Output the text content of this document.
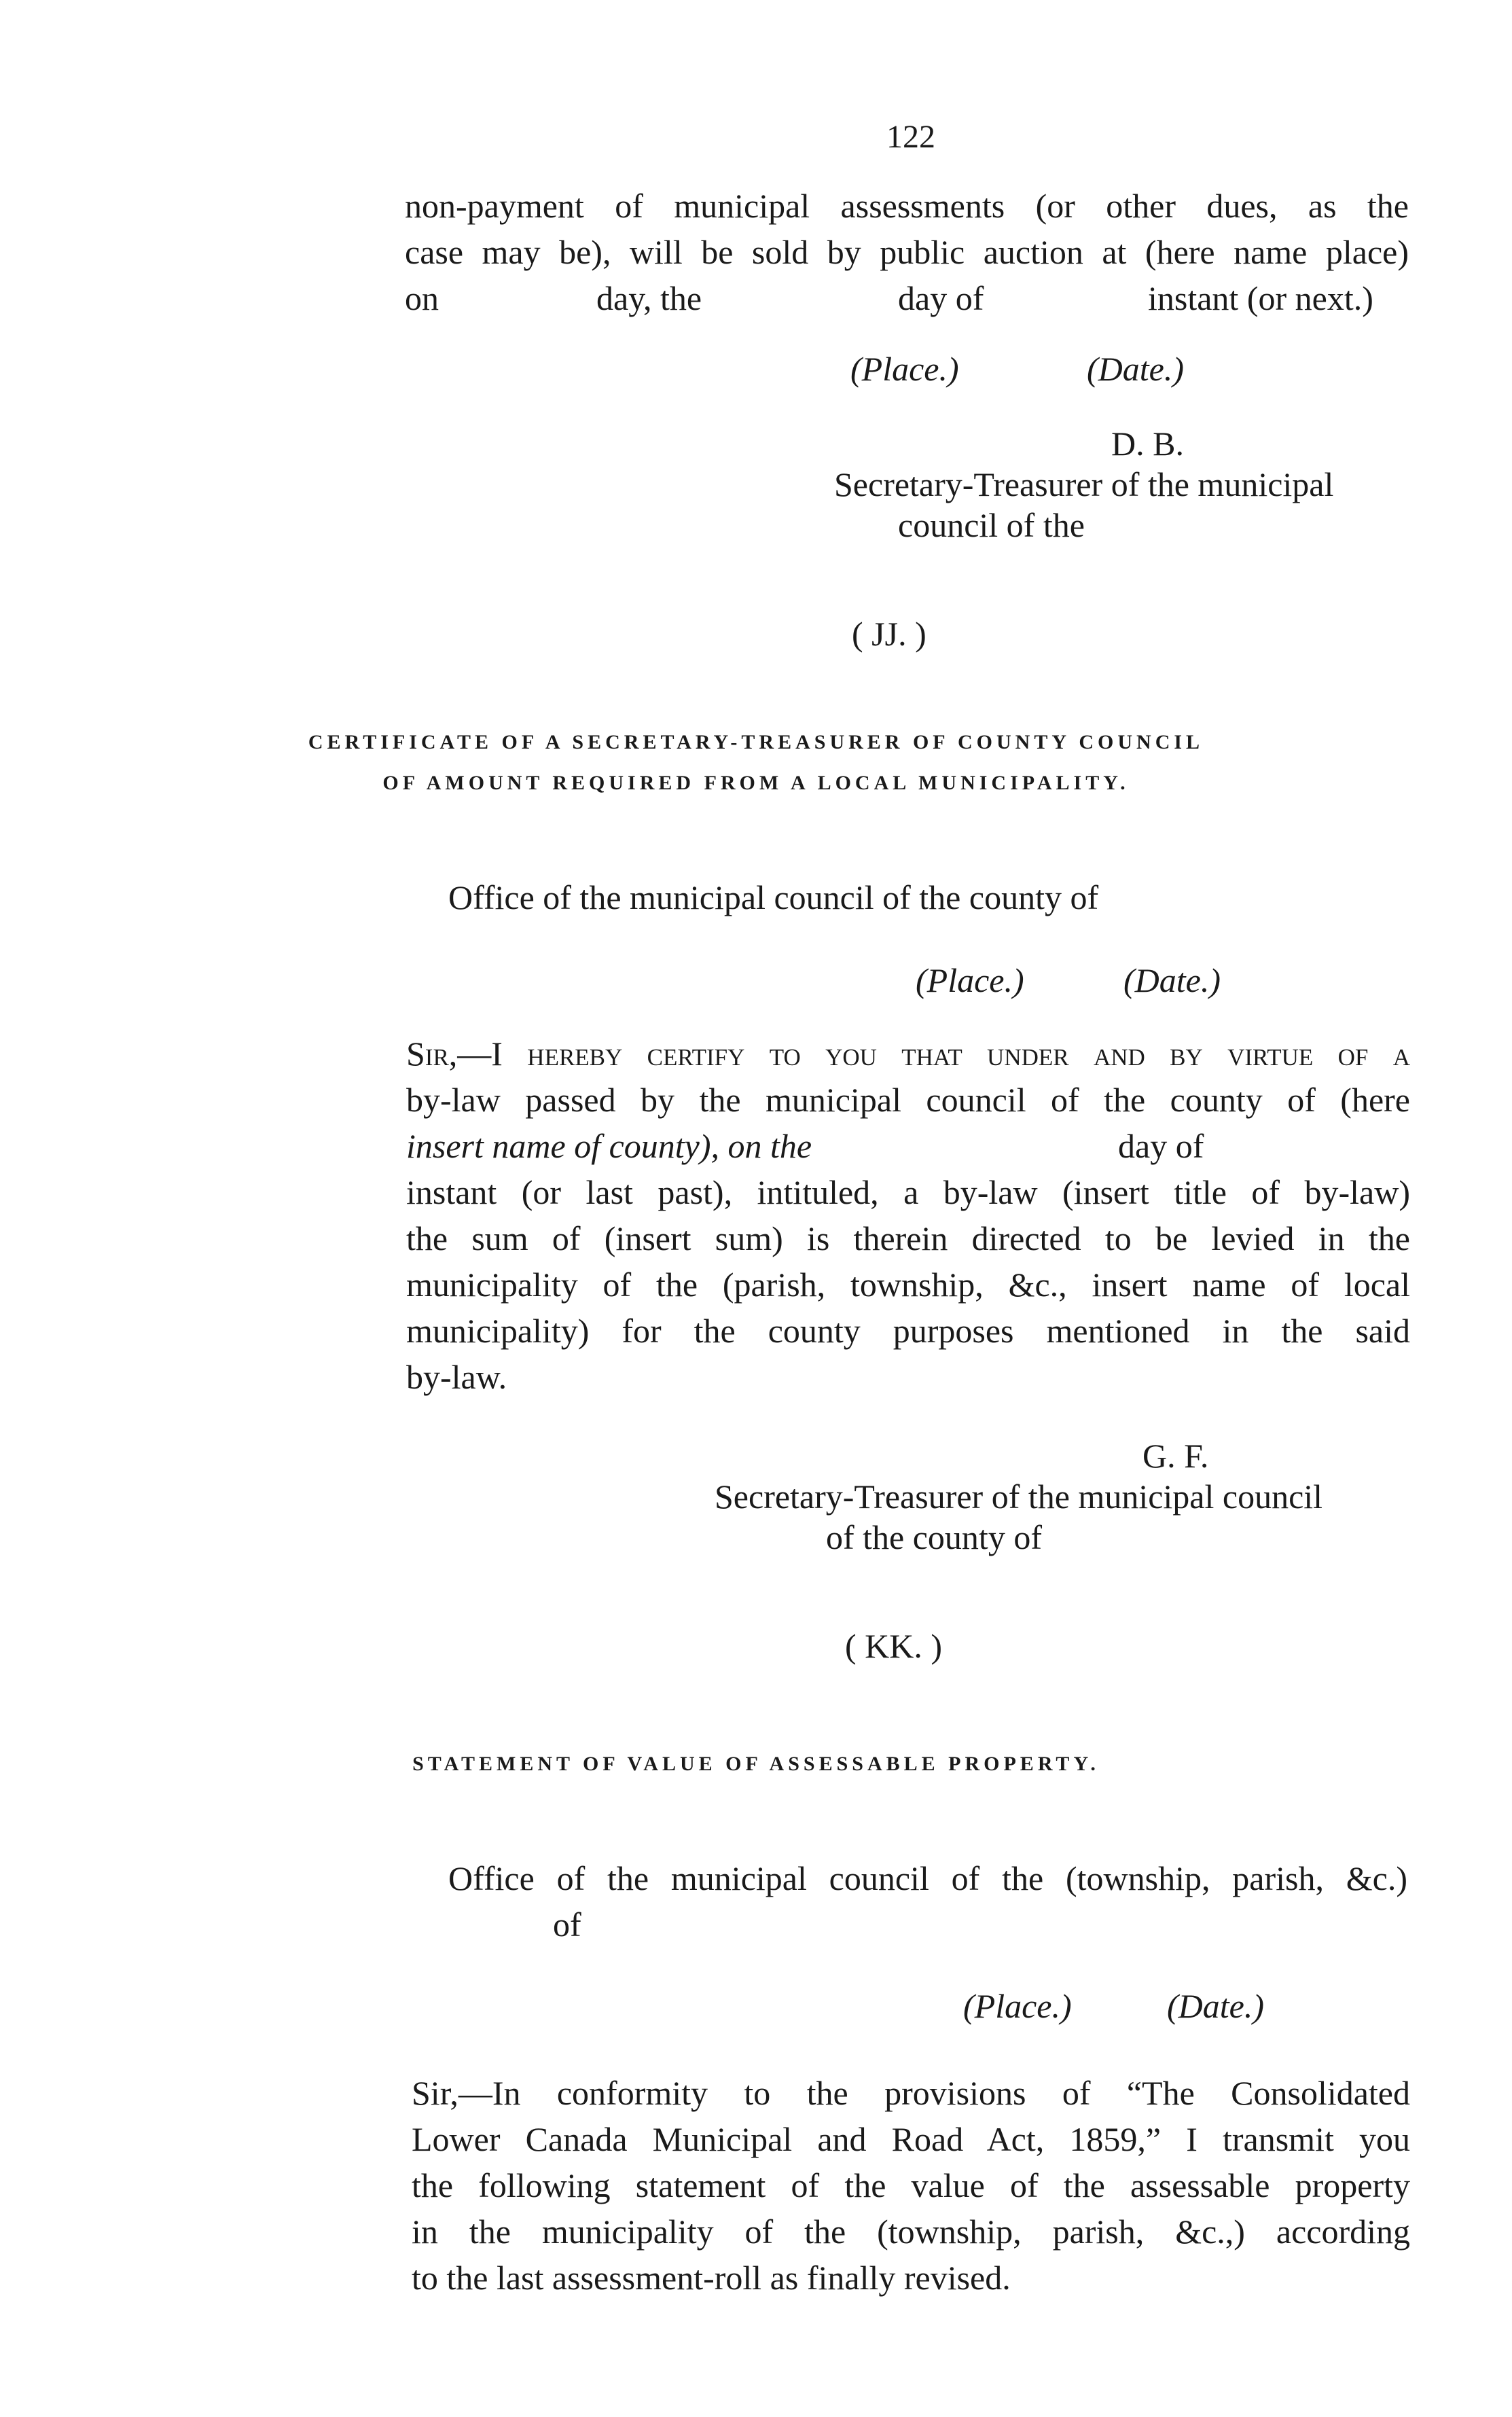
122
non-payment of municipal assessments (or other dues, as the
case may be), will be sold by public auction at (here name place)
on	day, the	day of	instant (or next.)
(Place.)	(Date.)
D. B.
Secretary-Treasurer of the municipal
council of the
( JJ. )
CERTIFICATE OF A SECRETARY-TREASURER OF COUNTY COUNCIL
OF AMOUNT REQUIRED FROM A LOCAL MUNICIPALITY.
Office of the municipal council of the county of
(Place.)	(Date.)
Sir,—I hereby certify to you that under and by virtue of a
by-law passed by the municipal council of the county of (here
insert name of county), on the	day of
instant (or last past), intituled, a by-law (insert title of by-law)
the sum of (insert sum) is therein directed to be levied in the
municipality of the (parish, township, &c., insert name of local
municipality) for the county purposes mentioned in the said
by-law.
G. F.
Secretary-Treasurer of the municipal council
of the county of
( KK. )
STATEMENT OF VALUE OF ASSESSABLE PROPERTY.
Office of the municipal council of the (township, parish, &c.)
of
(Place.)	(Date.)
Sir,—In conformity to the provisions of “The Consolidated
Lower Canada Municipal and Road Act, 1859,” I transmit you
the following statement of the value of the assessable property
in the municipality of the (township, parish, &c.,) according
to the last assessment-roll as finally revised.
